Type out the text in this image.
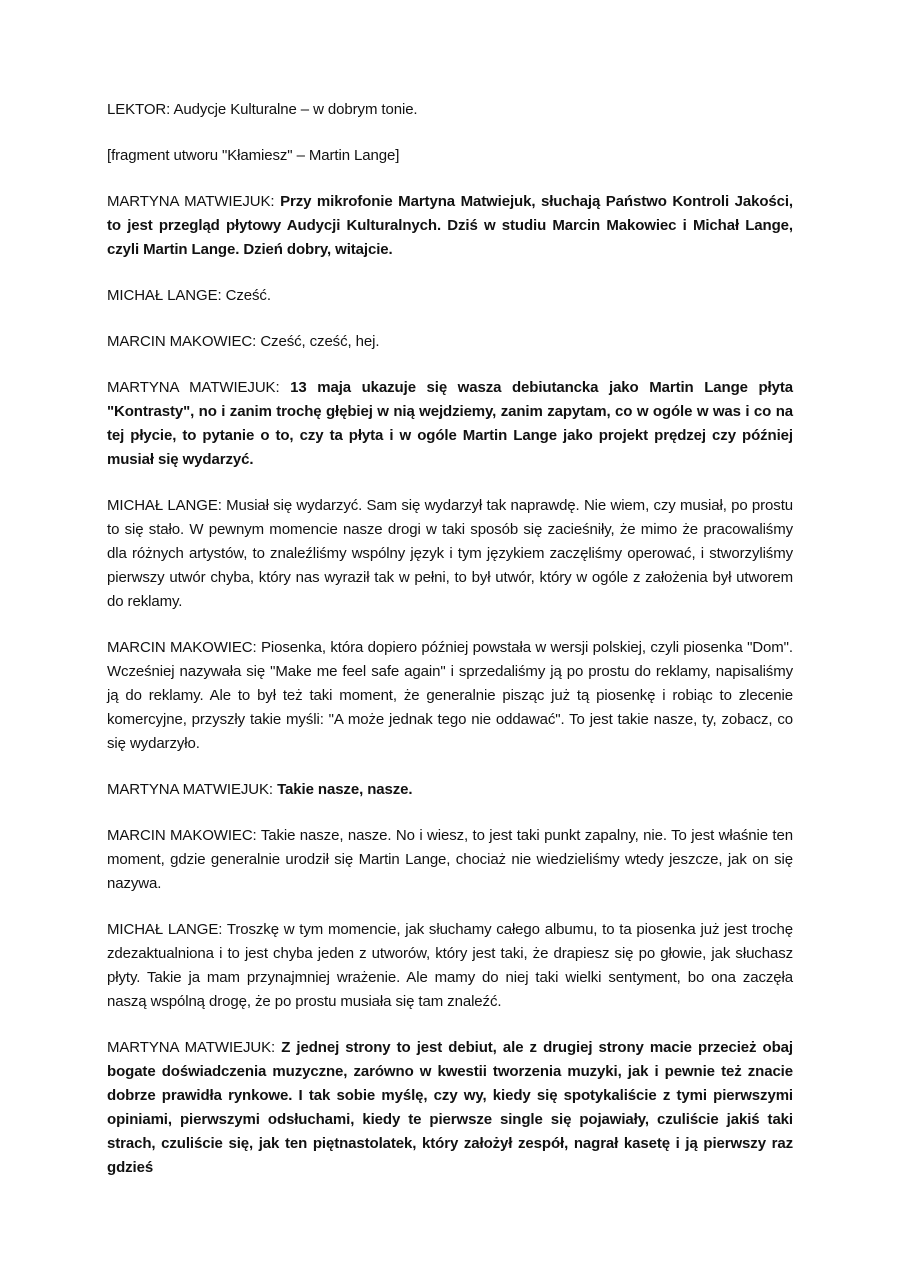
LEKTOR: Audycje Kulturalne – w dobrym tonie.

[fragment utworu "Kłamiesz" – Martin Lange]

MARTYNA MATWIEJUK: Przy mikrofonie Martyna Matwiejuk, słuchają Państwo Kontroli Jakości, to jest przegląd płytowy Audycji Kulturalnych. Dziś w studiu Marcin Makowiec i Michał Lange, czyli Martin Lange. Dzień dobry, witajcie.

MICHAŁ LANGE: Cześć.

MARCIN MAKOWIEC: Cześć, cześć, hej.

MARTYNA MATWIEJUK: 13 maja ukazuje się wasza debiutancka jako Martin Lange płyta "Kontrasty", no i zanim trochę głębiej w nią wejdziemy, zanim zapytam, co w ogóle w was i co na tej płycie, to pytanie o to, czy ta płyta i w ogóle Martin Lange jako projekt prędzej czy później musiał się wydarzyć.

MICHAŁ LANGE: Musiał się wydarzyć. Sam się wydarzył tak naprawdę. Nie wiem, czy musiał, po prostu to się stało. W pewnym momencie nasze drogi w taki sposób się zacieśniły, że mimo że pracowaliśmy dla różnych artystów, to znaleźliśmy wspólny język i tym językiem zaczęliśmy operować, i stworzyliśmy pierwszy utwór chyba, który nas wyraził tak w pełni, to był utwór, który w ogóle z założenia był utworem do reklamy.

MARCIN MAKOWIEC: Piosenka, która dopiero później powstała w wersji polskiej, czyli piosenka "Dom". Wcześniej nazywała się "Make me feel safe again" i sprzedaliśmy ją po prostu do reklamy, napisaliśmy ją do reklamy. Ale to był też taki moment, że generalnie pisząc już tą piosenkę i robiąc to zlecenie komercyjne, przyszły takie myśli: "A może jednak tego nie oddawać". To jest takie nasze, ty, zobacz, co się wydarzyło.

MARTYNA MATWIEJUK: Takie nasze, nasze.

MARCIN MAKOWIEC: Takie nasze, nasze. No i wiesz, to jest taki punkt zapalny, nie. To jest właśnie ten moment, gdzie generalnie urodził się Martin Lange, chociaż nie wiedzieliśmy wtedy jeszcze, jak on się nazywa.

MICHAŁ LANGE: Troszkę w tym momencie, jak słuchamy całego albumu, to ta piosenka już jest trochę zdezaktualniona i to jest chyba jeden z utworów, który jest taki, że drapiesz się po głowie, jak słuchasz płyty. Takie ja mam przynajmniej wrażenie. Ale mamy do niej taki wielki sentyment, bo ona zaczęła naszą wspólną drogę, że po prostu musiała się tam znaleźć.

MARTYNA MATWIEJUK: Z jednej strony to jest debiut, ale z drugiej strony macie przecież obaj bogate doświadczenia muzyczne, zarówno w kwestii tworzenia muzyki, jak i pewnie też znacie dobrze prawidła rynkowe. I tak sobie myślę, czy wy, kiedy się spotykaliście z tymi pierwszymi opiniami, pierwszymi odsłuchami, kiedy te pierwsze single się pojawiały, czuliście jakiś taki strach, czuliście się, jak ten piętnastolatek, który założył zespół, nagrał kasetę i ją pierwszy raz gdzieś
